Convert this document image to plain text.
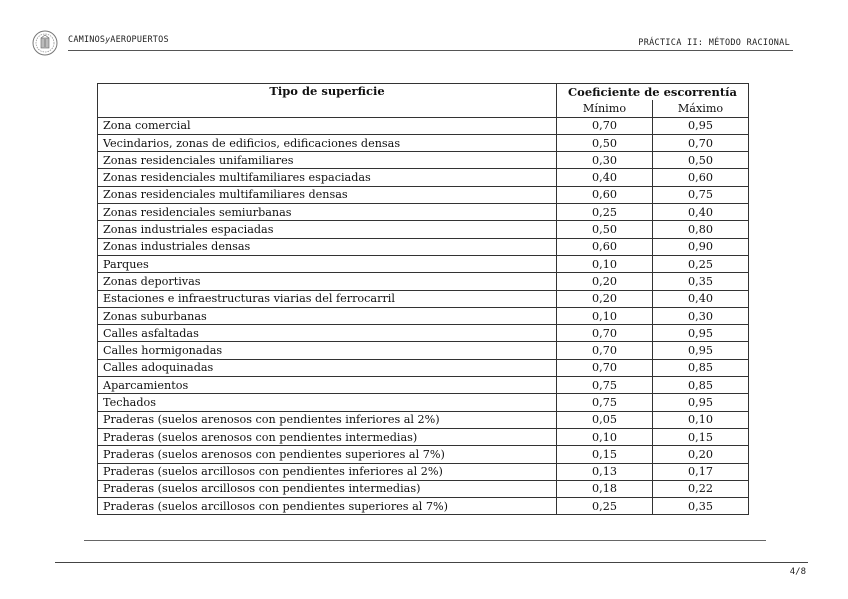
CAMINOSyAEROPUERTOS	PRÁCTICA II: MÉTODO RACIONAL
Tipo de superficie	Coeficiente de escorrentía	
	Mínimo	Máximo
Zona comercial	0,70	0,95
Vecindarios, zonas de edificios, edificaciones densas	0,50	0,70
Zonas residenciales unifamiliares	0,30	0,50
Zonas residenciales multifamiliares espaciadas	0,40	0,60
Zonas residenciales multifamiliares densas	0,60	0,75
Zonas residenciales semiurbanas	0,25	0,40
Zonas industriales espaciadas	0,50	0,80
Zonas industriales densas	0,60	0,90
Parques	0,10	0,25
Zonas deportivas	0,20	0,35
Estaciones e infraestructuras viarias del ferrocarril	0,20	0,40
Zonas suburbanas	0,10	0,30
Calles asfaltadas	0,70	0,95
Calles hormigonadas	0,70	0,95
Calles adoquinadas	0,70	0,85
Aparcamientos	0,75	0,85
Techados	0,75	0,95
Praderas (suelos arenosos con pendientes inferiores al 2%)	0,05	0,10
Praderas (suelos arenosos con pendientes intermedias)	0,10	0,15
Praderas (suelos arenosos con pendientes superiores al 7%)	0,15	0,20
Praderas (suelos arcillosos con pendientes inferiores al 2%)	0,13	0,17
Praderas (suelos arcillosos con pendientes intermedias)	0,18	0,22
Praderas (suelos arcillosos con pendientes superiores al 7%)	0,25	0,35
4/8
